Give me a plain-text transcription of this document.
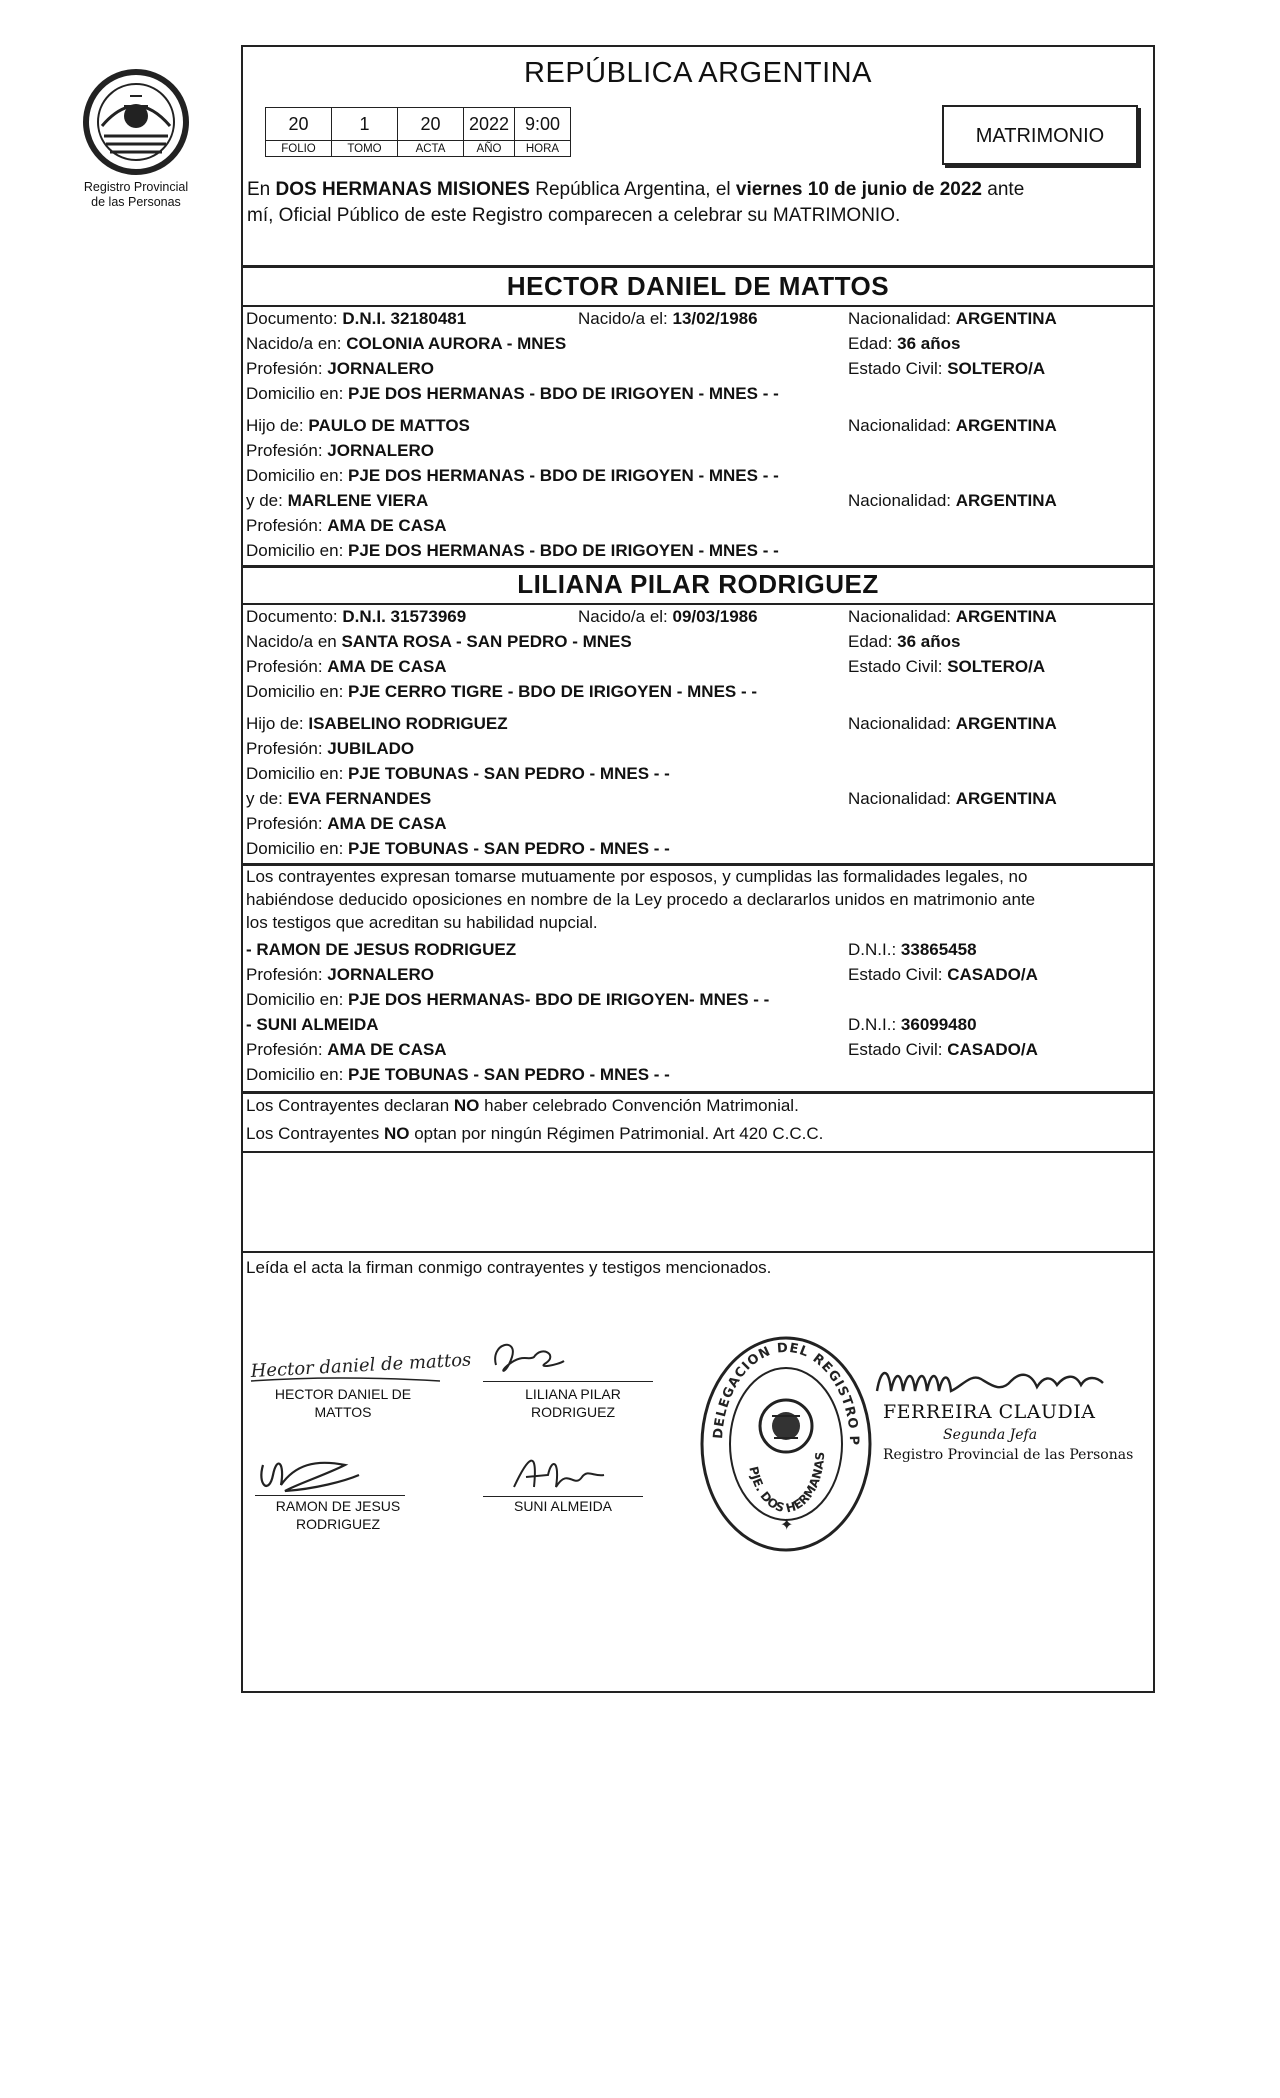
Registro Provincial
de las Personas
REPÚBLICA ARGENTINA
20	1	20	2022	9:00
FOLIO	TOMO	ACTA	AÑO	HORA
MATRIMONIO
En DOS HERMANAS MISIONES República Argentina, el viernes 10 de junio de 2022 ante
mí, Oficial Público de este Registro comparecen a celebrar su MATRIMONIO.
HECTOR DANIEL DE MATTOS
Documento: D.N.I. 32180481	Nacido/a el: 13/02/1986	Nacionalidad: ARGENTINA
Nacido/a en: COLONIA AURORA - MNES	Edad: 36 años
Profesión: JORNALERO	Estado Civil: SOLTERO/A
Domicilio en: PJE DOS HERMANAS - BDO DE IRIGOYEN - MNES - -
Hijo de: PAULO DE MATTOS	Nacionalidad: ARGENTINA
Profesión: JORNALERO
Domicilio en: PJE DOS HERMANAS - BDO DE IRIGOYEN - MNES - -
y de: MARLENE VIERA	Nacionalidad: ARGENTINA
Profesión: AMA DE CASA
Domicilio en: PJE DOS HERMANAS - BDO DE IRIGOYEN - MNES - -
LILIANA PILAR RODRIGUEZ
Documento: D.N.I. 31573969	Nacido/a el: 09/03/1986	Nacionalidad: ARGENTINA
Nacido/a en SANTA ROSA - SAN PEDRO - MNES	Edad: 36 años
Profesión: AMA DE CASA	Estado Civil: SOLTERO/A
Domicilio en: PJE CERRO TIGRE - BDO DE IRIGOYEN - MNES - -
Hijo de: ISABELINO RODRIGUEZ	Nacionalidad: ARGENTINA
Profesión: JUBILADO
Domicilio en: PJE TOBUNAS - SAN PEDRO - MNES - -
y de: EVA FERNANDES	Nacionalidad: ARGENTINA
Profesión: AMA DE CASA
Domicilio en: PJE TOBUNAS - SAN PEDRO - MNES - -
Los contrayentes expresan tomarse mutuamente por esposos, y cumplidas las formalidades legales, no
habiéndose deducido oposiciones en nombre de la Ley procedo a declararlos unidos en matrimonio ante
los testigos que acreditan su habilidad nupcial.
- RAMON DE JESUS RODRIGUEZ	D.N.I.: 33865458
Profesión: JORNALERO	Estado Civil: CASADO/A
Domicilio en: PJE DOS HERMANAS- BDO DE IRIGOYEN- MNES - -
- SUNI ALMEIDA	D.N.I.: 36099480
Profesión: AMA DE CASA	Estado Civil: CASADO/A
Domicilio en: PJE TOBUNAS - SAN PEDRO - MNES - -
Los Contrayentes declaran NO haber celebrado Convención Matrimonial.
Los Contrayentes NO optan por ningún Régimen Patrimonial. Art 420 C.C.C.
Leída el acta la firman conmigo contrayentes y testigos mencionados.
Hector daniel de mattos
HECTOR DANIEL DE
MATTOS
LILIANA PILAR
RODRIGUEZ
RAMON DE JESUS
RODRIGUEZ
SUNI ALMEIDA
DELEGACION DEL REGISTRO PROVINCIAL DE LAS PERSONAS
PJE. DOS HERMANAS
✦
FERREIRA CLAUDIA
Segunda Jefa
Registro Provincial de las Personas
